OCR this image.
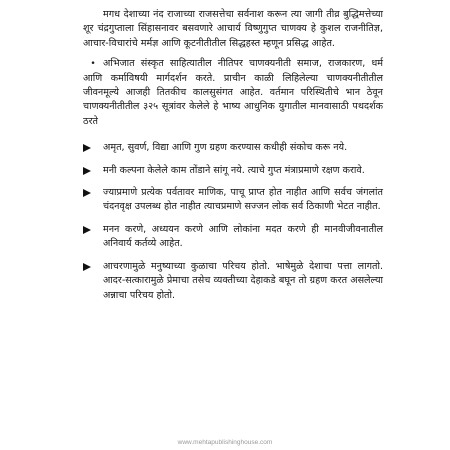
मगध देशाच्या नंद राजाच्या राजसत्तेचा सर्वनाश करून त्या जागी तीव्र बुद्धिमत्तेच्या शूर चंद्रगुप्ताला सिंहासनावर बसवणारे आचार्य विष्णुगुप्त चाणक्य हे कुशल राजनीतिज्ञ, आचार-विचारांचे मर्मज्ञ आणि कूटनीतीतील सिद्धहस्त म्हणून प्रसिद्ध आहेत.

• अभिजात संस्कृत साहित्यातील नीतिपर चाणक्यनीती समाज, राजकारण, धर्म आणि कर्माविषयी मार्गदर्शन करते. प्राचीन काळी लिहिलेल्या चाणक्यनीतीतील जीवनमूल्ये आजही तितकीच कालसुसंगत आहेत. वर्तमान परिस्थितीचे भान ठेवून चाणक्यनीतीतील ३२५ सूत्रांवर केलेले हे भाष्य आधुनिक युगातील मानवासाठी पथदर्शक ठरते

अमृत, सुवर्ण, विद्या आणि गुण ग्रहण करण्यास कधीही संकोच करू नये.
मनी कल्पना केलेले काम तोंडाने सांगू नये. त्याचे गुप्त मंत्राप्रमाणे रक्षण करावे.
ज्याप्रमाणे प्रत्येक पर्वतावर माणिक, पाचू प्राप्त होत नाहीत आणि सर्वच जंगलांत चंदनवृक्ष उपलब्ध होत नाहीत त्याचप्रमाणे सज्जन लोक सर्व ठिकाणी भेटत नाहीत.
मनन करणे, अध्ययन करणे आणि लोकांना मदत करणे ही मानवीजीवनातील अनिवार्य कर्तव्ये आहेत.
आचरणामुळे मनुष्याच्या कुळाचा परिचय होतो. भाषेमुळे देशाचा पत्ता लागतो. आदर-सत्कारामुळे प्रेमाचा तसेच व्यक्तीच्या देहाकडे बघून तो ग्रहण करत असलेल्या अन्नाचा परिचय होतो.
www.mehtapublishinghouse.com
